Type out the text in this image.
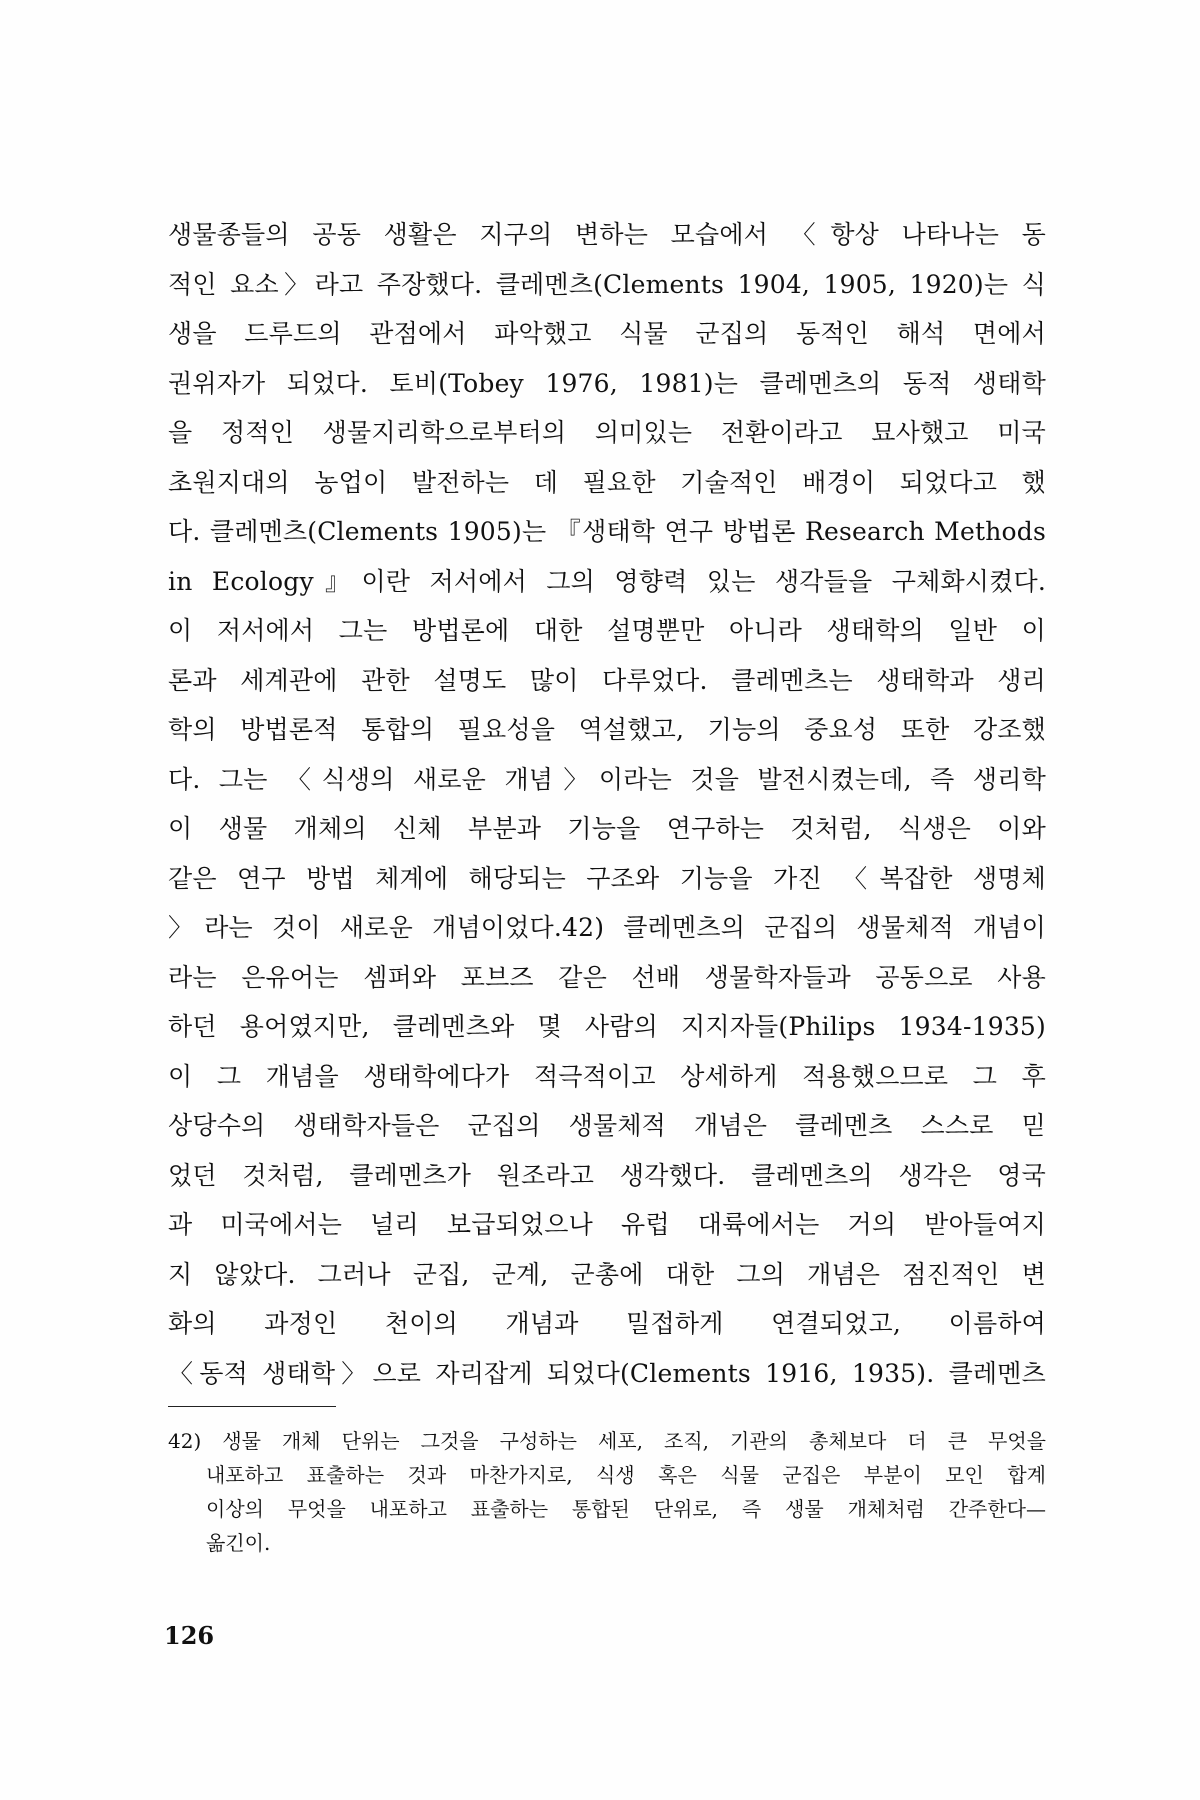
생물종들의 공동 생활은 지구의 변하는 모습에서 〈항상 나타나는 동
적인 요소〉라고 주장했다. 클레멘츠(Clements 1904, 1905, 1920)는 식
생을 드루드의 관점에서 파악했고 식물 군집의 동적인 해석 면에서
권위자가 되었다. 토비(Tobey 1976, 1981)는 클레멘츠의 동적 생태학
을 정적인 생물지리학으로부터의 의미있는 전환이라고 묘사했고 미국
초원지대의 농업이 발전하는 데 필요한 기술적인 배경이 되었다고 했
다. 클레멘츠(Clements 1905)는 『생태학 연구 방법론 Research Methods
in Ecology』이란 저서에서 그의 영향력 있는 생각들을 구체화시켰다.
이 저서에서 그는 방법론에 대한 설명뿐만 아니라 생태학의 일반 이
론과 세계관에 관한 설명도 많이 다루었다. 클레멘츠는 생태학과 생리
학의 방법론적 통합의 필요성을 역설했고, 기능의 중요성 또한 강조했
다. 그는 〈식생의 새로운 개념〉이라는 것을 발전시켰는데, 즉 생리학
이 생물 개체의 신체 부분과 기능을 연구하는 것처럼, 식생은 이와
같은 연구 방법 체계에 해당되는 구조와 기능을 가진 〈복잡한 생명체
〉라는 것이 새로운 개념이었다.42) 클레멘츠의 군집의 생물체적 개념이
라는 은유어는 셈퍼와 포브즈 같은 선배 생물학자들과 공동으로 사용
하던 용어였지만, 클레멘츠와 몇 사람의 지지자들(Philips 1934-1935)
이 그 개념을 생태학에다가 적극적이고 상세하게 적용했으므로 그 후
상당수의 생태학자들은 군집의 생물체적 개념은 클레멘츠 스스로 믿
었던 것처럼, 클레멘츠가 원조라고 생각했다. 클레멘츠의 생각은 영국
과 미국에서는 널리 보급되었으나 유럽 대륙에서는 거의 받아들여지
지 않았다. 그러나 군집, 군계, 군총에 대한 그의 개념은 점진적인 변
화의 과정인 천이의 개념과 밀접하게 연결되었고, 이름하여
〈동적 생태학〉으로 자리잡게 되었다(Clements 1916, 1935). 클레멘츠
42) 생물 개체 단위는 그것을 구성하는 세포, 조직, 기관의 총체보다 더 큰 무엇을
내포하고 표출하는 것과 마찬가지로, 식생 혹은 식물 군집은 부분이 모인 합계
이상의 무엇을 내포하고 표출하는 통합된 단위로, 즉 생물 개체처럼 간주한다—
옮긴이.
126
